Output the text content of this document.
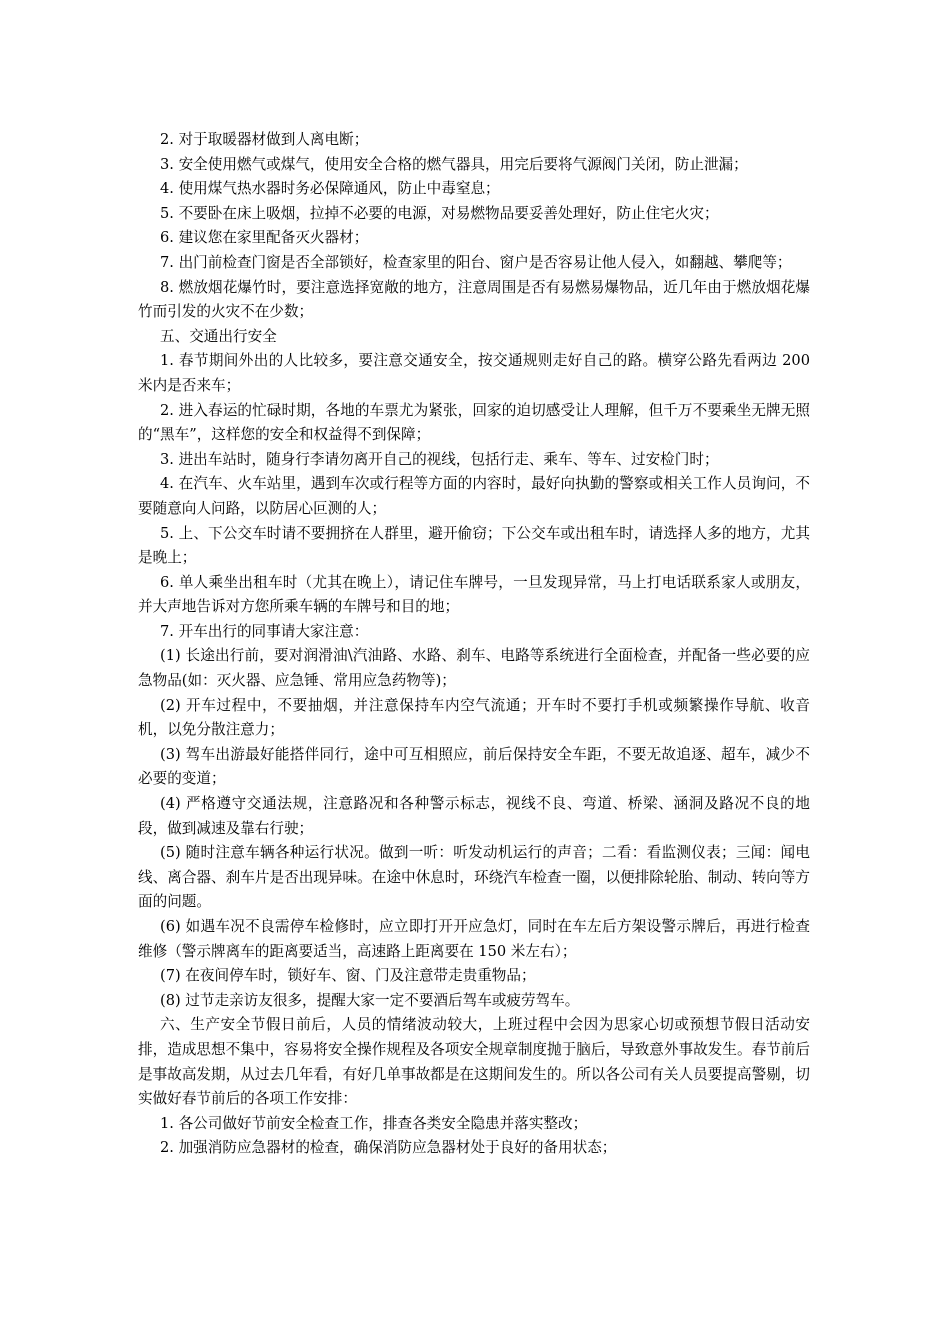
2. 对于取暖器材做到人离电断；

3. 安全使用燃气或煤气，使用安全合格的燃气器具，用完后要将气源阀门关闭，防止泄漏；

4. 使用煤气热水器时务必保障通风，防止中毒窒息；

5. 不要卧在床上吸烟，拉掉不必要的电源，对易燃物品要妥善处理好，防止住宅火灾；

6. 建议您在家里配备灭火器材；

7. 出门前检查门窗是否全部锁好，检查家里的阳台、窗户是否容易让他人侵入，如翻越、攀爬等；

8. 燃放烟花爆竹时，要注意选择宽敞的地方，注意周围是否有易燃易爆物品，近几年由于燃放烟花爆竹而引发的火灾不在少数；

五、交通出行安全

1. 春节期间外出的人比较多，要注意交通安全，按交通规则走好自己的路。横穿公路先看两边 200 米内是否来车；

2. 进入春运的忙碌时期，各地的车票尤为紧张，回家的迫切感受让人理解，但千万不要乘坐无牌无照的“黑车”，这样您的安全和权益得不到保障；

3. 进出车站时，随身行李请勿离开自己的视线，包括行走、乘车、等车、过安检门时；

4. 在汽车、火车站里，遇到车次或行程等方面的内容时，最好向执勤的警察或相关工作人员询问，不要随意向人问路，以防居心叵测的人；

5. 上、下公交车时请不要拥挤在人群里，避开偷窃；下公交车或出租车时，请选择人多的地方，尤其是晚上；

6. 单人乘坐出租车时（尤其在晚上），请记住车牌号，一旦发现异常，马上打电话联系家人或朋友，并大声地告诉对方您所乘车辆的车牌号和目的地；

7. 开车出行的同事请大家注意：

(1) 长途出行前，要对润滑油\汽油路、水路、刹车、电路等系统进行全面检查，并配备一些必要的应急物品(如：灭火器、应急锤、常用应急药物等)；

(2) 开车过程中，不要抽烟，并注意保持车内空气流通；开车时不要打手机或频繁操作导航、收音机，以免分散注意力；

(3) 驾车出游最好能搭伴同行，途中可互相照应，前后保持安全车距，不要无故追逐、超车，减少不必要的变道；

(4) 严格遵守交通法规，注意路况和各种警示标志，视线不良、弯道、桥梁、涵洞及路况不良的地段，做到减速及靠右行驶；

(5) 随时注意车辆各种运行状况。做到一听：听发动机运行的声音；二看：看监测仪表；三闻：闻电线、离合器、刹车片是否出现异味。在途中休息时，环绕汽车检查一圈，以便排除轮胎、制动、转向等方面的问题。

(6) 如遇车况不良需停车检修时，应立即打开开应急灯，同时在车左后方架设警示牌后，再进行检查维修（警示牌离车的距离要适当，高速路上距离要在 150 米左右）；

(7) 在夜间停车时，锁好车、窗、门及注意带走贵重物品；

(8) 过节走亲访友很多，提醒大家一定不要酒后驾车或疲劳驾车。

六、生产安全节假日前后，人员的情绪波动较大，上班过程中会因为思家心切或预想节假日活动安排，造成思想不集中，容易将安全操作规程及各项安全规章制度抛于脑后，导致意外事故发生。春节前后是事故高发期，从过去几年看，有好几单事故都是在这期间发生的。所以各公司有关人员要提高警剔，切实做好春节前后的各项工作安排：

1. 各公司做好节前安全检查工作，排查各类安全隐患并落实整改；

2. 加强消防应急器材的检查，确保消防应急器材处于良好的备用状态；
